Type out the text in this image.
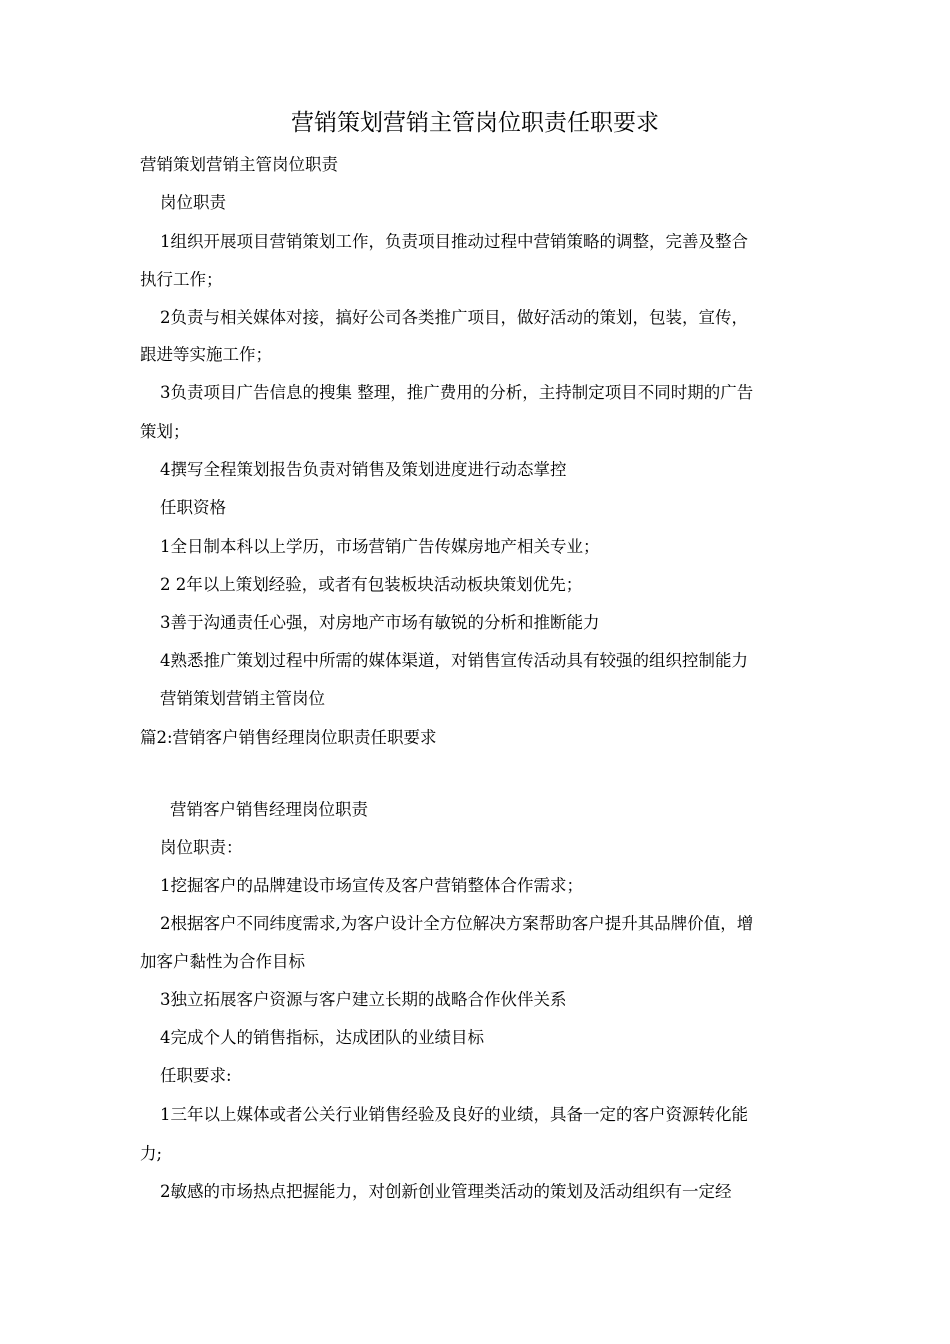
营销策划营销主管岗位职责任职要求

营销策划营销主管岗位职责

岗位职责

1组织开展项目营销策划工作，负责项目推动过程中营销策略的调整，完善及整合

执行工作；

2负责与相关媒体对接，搞好公司各类推广项目，做好活动的策划，包装，宣传，

跟进等实施工作；

3负责项目广告信息的搜集 整理，推广费用的分析，主持制定项目不同时期的广告

策划；

4撰写全程策划报告负责对销售及策划进度进行动态掌控

任职资格

1全日制本科以上学历，市场营销广告传媒房地产相关专业；

2 2年以上策划经验，或者有包装板块活动板块策划优先；

3善于沟通责任心强，对房地产市场有敏锐的分析和推断能力

4熟悉推广策划过程中所需的媒体渠道，对销售宣传活动具有较强的组织控制能力

营销策划营销主管岗位

篇2:营销客户销售经理岗位职责任职要求

营销客户销售经理岗位职责

岗位职责：

1挖掘客户的品牌建设市场宣传及客户营销整体合作需求；

2根据客户不同纬度需求,为客户设计全方位解决方案帮助客户提升其品牌价值，增

加客户黏性为合作目标

3独立拓展客户资源与客户建立长期的战略合作伙伴关系

4完成个人的销售指标，达成团队的业绩目标

任职要求:

1三年以上媒体或者公关行业销售经验及良好的业绩，具备一定的客户资源转化能

力;

2敏感的市场热点把握能力，对创新创业管理类活动的策划及活动组织有一定经
